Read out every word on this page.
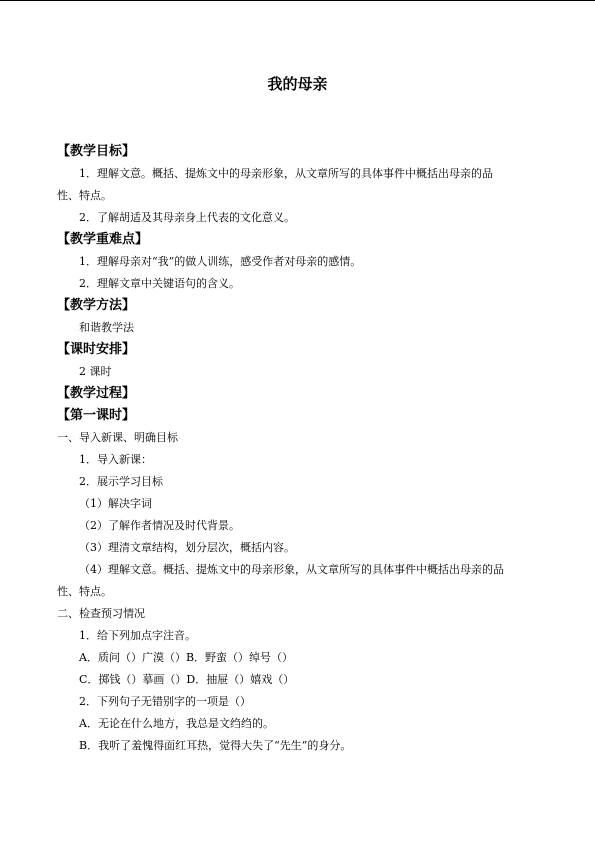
我的母亲
【教学目标】
1．理解文意。概括、提炼文中的母亲形象，从文章所写的具体事件中概括出母亲的品
性、特点。
2．了解胡适及其母亲身上代表的文化意义。
【教学重难点】
1．理解母亲对“我”的做人训练，感受作者对母亲的感情。
2．理解文章中关键语句的含义。
【教学方法】
和谐教学法
【课时安排】
2 课时
【教学过程】
【第一课时】
一、导入新课、明确目标
1．导入新课：
2．展示学习目标
（1）解决字词
（2）了解作者情况及时代背景。
（3）理清文章结构，划分层次，概括内容。
（4）理解文意。概括、提炼文中的母亲形象，从文章所写的具体事件中概括出母亲的品
性、特点。
二、检查预习情况
1．给下列加点字注音。
A．质问（）广漠（）B．野蛮（）绰号（）
C．掷钱（）摹画（）D．抽屉（）嬉戏（）
2．下列句子无错别字的一项是（）
A．无论在什么地方，我总是文绉绉的。
B．我听了羞愧得面红耳热，觉得大失了“先生”的身分。
